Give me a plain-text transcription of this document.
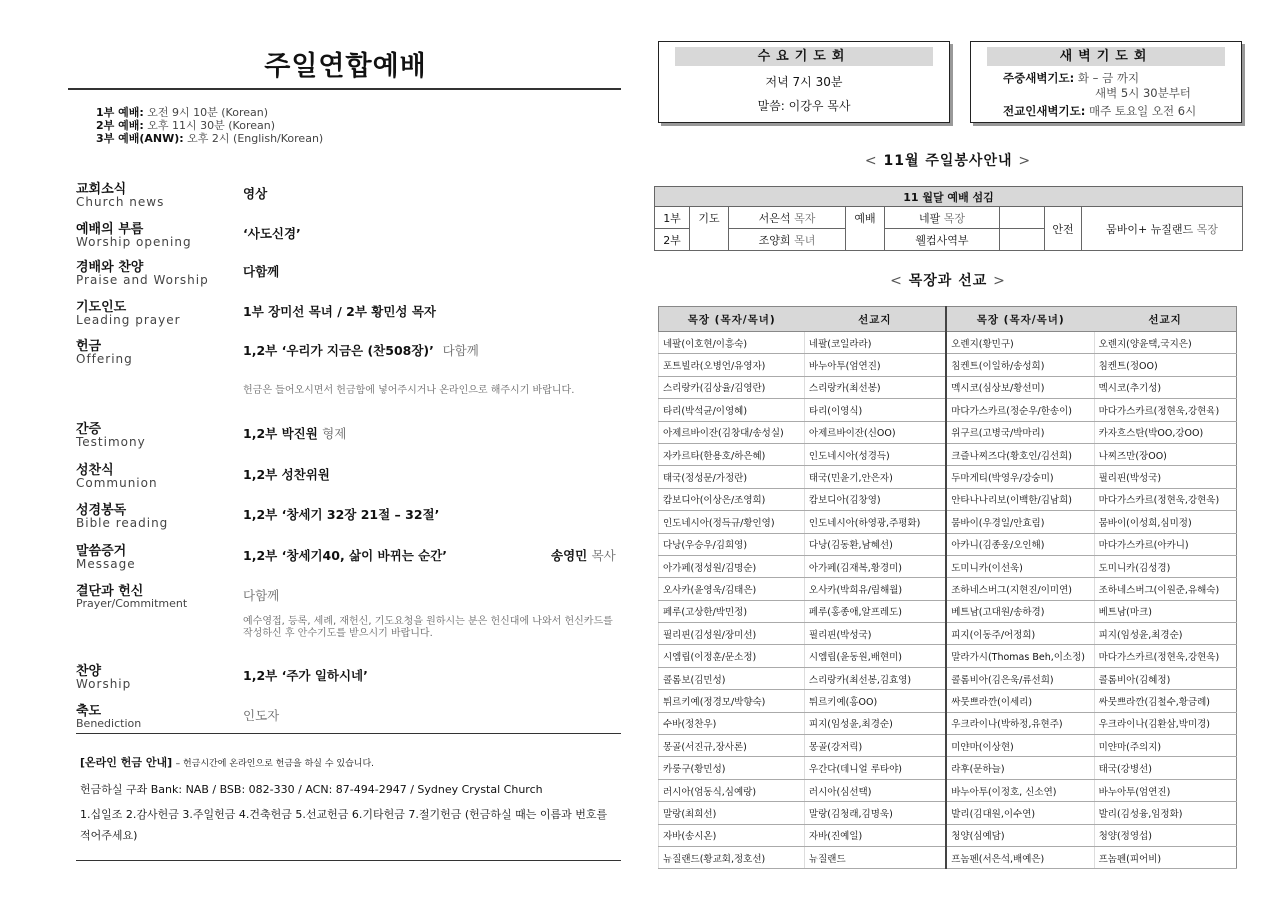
주일연합예배
1부 예배: 오전 9시 10분 (Korean)
2부 예배: 오후 11시 30분 (Korean)
3부 예배(ANW): 오후 2시 (English/Korean)
교회소식
Church news
영상
예배의 부름
Worship opening
‘사도신경’
경배와 찬양
Praise and Worship
다함께
기도인도
Leading prayer
1부 장미선 목녀 / 2부 황민성 목자
헌금
Offering
1,2부 ‘우리가 지금은 (찬508장)’ 다함께
헌금은 들어오시면서 헌금함에 넣어주시거나 온라인으로 해주시기 바랍니다.
간증
Testimony
1,2부 박진원 형제
성찬식
Communion
1,2부 성찬위원
성경봉독
Bible reading
1,2부 ‘창세기 32장 21절 – 32절’
말씀증거
Message
1,2부 ‘창세기40, 삶이 바뀌는 순간’	송영민 목사
결단과 헌신
Prayer/Commitment
다함께
예수영접, 등록, 세례, 재헌신, 기도요청을 원하시는 분은 헌신대에 나와서 헌신카드를 작성하신 후 안수기도를 받으시기 바랍니다.
찬양
Worship
1,2부 ‘주가 일하시네’
축도
Benediction
인도자
[온라인 헌금 안내] – 헌금시간에 온라인으로 헌금을 하실 수 있습니다.
헌금하실 구좌 Bank: NAB / BSB: 082-330 / ACN: 87-494-2947 / Sydney Crystal Church
1.십일조 2.감사헌금 3.주일헌금 4.건축헌금 5.선교헌금 6.기타헌금 7.절기헌금 (헌금하실 때는 이름과 번호를
적어주세요)
수요기도회
저녁 7시 30분
말씀: 이강우 목사
새벽기도회
주중새벽기도: 화 – 금 까지
새벽 5시 30분부터
전교인새벽기도: 매주 토요일 오전 6시
< 11월 주일봉사안내 >
11 월달 예배 섬김							
1부	기도	서은석 목자	예배	네팔 목장		안전	뭄바이+ 뉴질랜드 목장
2부		조양희 목녀		웰컴사역부			
< 목장과 선교 >
목장 (목자/목녀)	선교지	목장 (목자/목녀)	선교지
네팔(이호현/이흥숙)	네팔(코일라라)	오렌지(황민구)	오렌지(양윤택,국지은)
포트빌라(오병언/유영자)	바누아투(엄연진)	침켄트(이일하/송성희)	침켄트(정OO)
스리랑카(김상율/김영란)	스리랑카(최선봉)	멕시코(심상보/황선미)	멕시코(추기성)
타리(박석균/이영혜)	타리(이영식)	마다가스카르(정순우/한송이)	마다가스카르(정현욱,강현육)
아제르바이잔(김창대/송성실)	아제르바이잔(신OO)	위구르(고병국/박마리)	카자흐스탄(박OO,강OO)
자카르타(한용호/하은혜)	인도네시아(성경득)	크즐나찌즈다(황호인/김선희)	나찌즈만(장OO)
태국(정성문/가정란)	태국(민윤기,안은자)	두마게티(박영우/강숭미)	필리핀(박성국)
캄보디아(이상은/조영희)	캄보디아(김창영)	안타나나리보(이백한/김남희)	마다가스카르(정현욱,강현욱)
인도네시아(정득규/황인영)	인도네시아(하영광,주평화)	뭄바이(우경일/안효림)	뭄바이(이성희,심미정)
다낭(우승우/김희영)	다낭(김동환,남혜선)	아카니(김종웅/오인해)	마다가스카르(아카니)
아가페(정성원/김명순)	아가페(김재복,황경미)	도미니카(이선욱)	도미니카(김성경)
오사카(윤영욱/김태은)	오사카(박희유/림해월)	조하네스버그(지현진/이미연)	조하네스버그(이원준,유해숙)
페루(고상한/박민정)	페루(홍종애,알프레도)	베트남(고대원/송하경)	베트남(마크)
필리핀(김성원/장미선)	필리핀(박성국)	피지(이동주/어정희)	피지(임성윤,최경순)
시엠립(이정훈/문소정)	시엠립(윤동원,배현미)	말라가시(Thomas Beh,이소정)	마다가스카르(정현욱,강현욱)
콜롬보(김민성)	스리랑카(최선봉,김효영)	콜롬비아(김은욱/류선희)	콜롬비아(김혜정)
튀르키예(정경모/박향숙)	튀르키예(홍OO)	싸뭇쁘라깐(이세리)	싸뭇쁘라깐(김철수,황금례)
수바(정찬우)	피지(임성윤,최경순)	우크라이나(박하정,유현주)	우크라이나(김환삼,박미경)
몽골(서진규,장사론)	몽골(강저릭)	미얀마(이상현)	미얀마(주의지)
카룽구(황민성)	우간다(데니얼 루타야)	라후(문하늘)	태국(강병선)
러시아(엄동식,심예랑)	러시아(심선택)	바누아투(이정호, 신소연)	바누아투(엄연진)
말랑(최희선)	말랑(김청래,김명욱)	발리(김대원,이수연)	발리(김성융,임정화)
자바(송시온)	자바(진예일)	청양(심예담)	청양(정영섭)
뉴질랜드(황교회,정호선)	뉴질랜드	프놈펜(서은석,배예은)	프놈펜(피어비)
